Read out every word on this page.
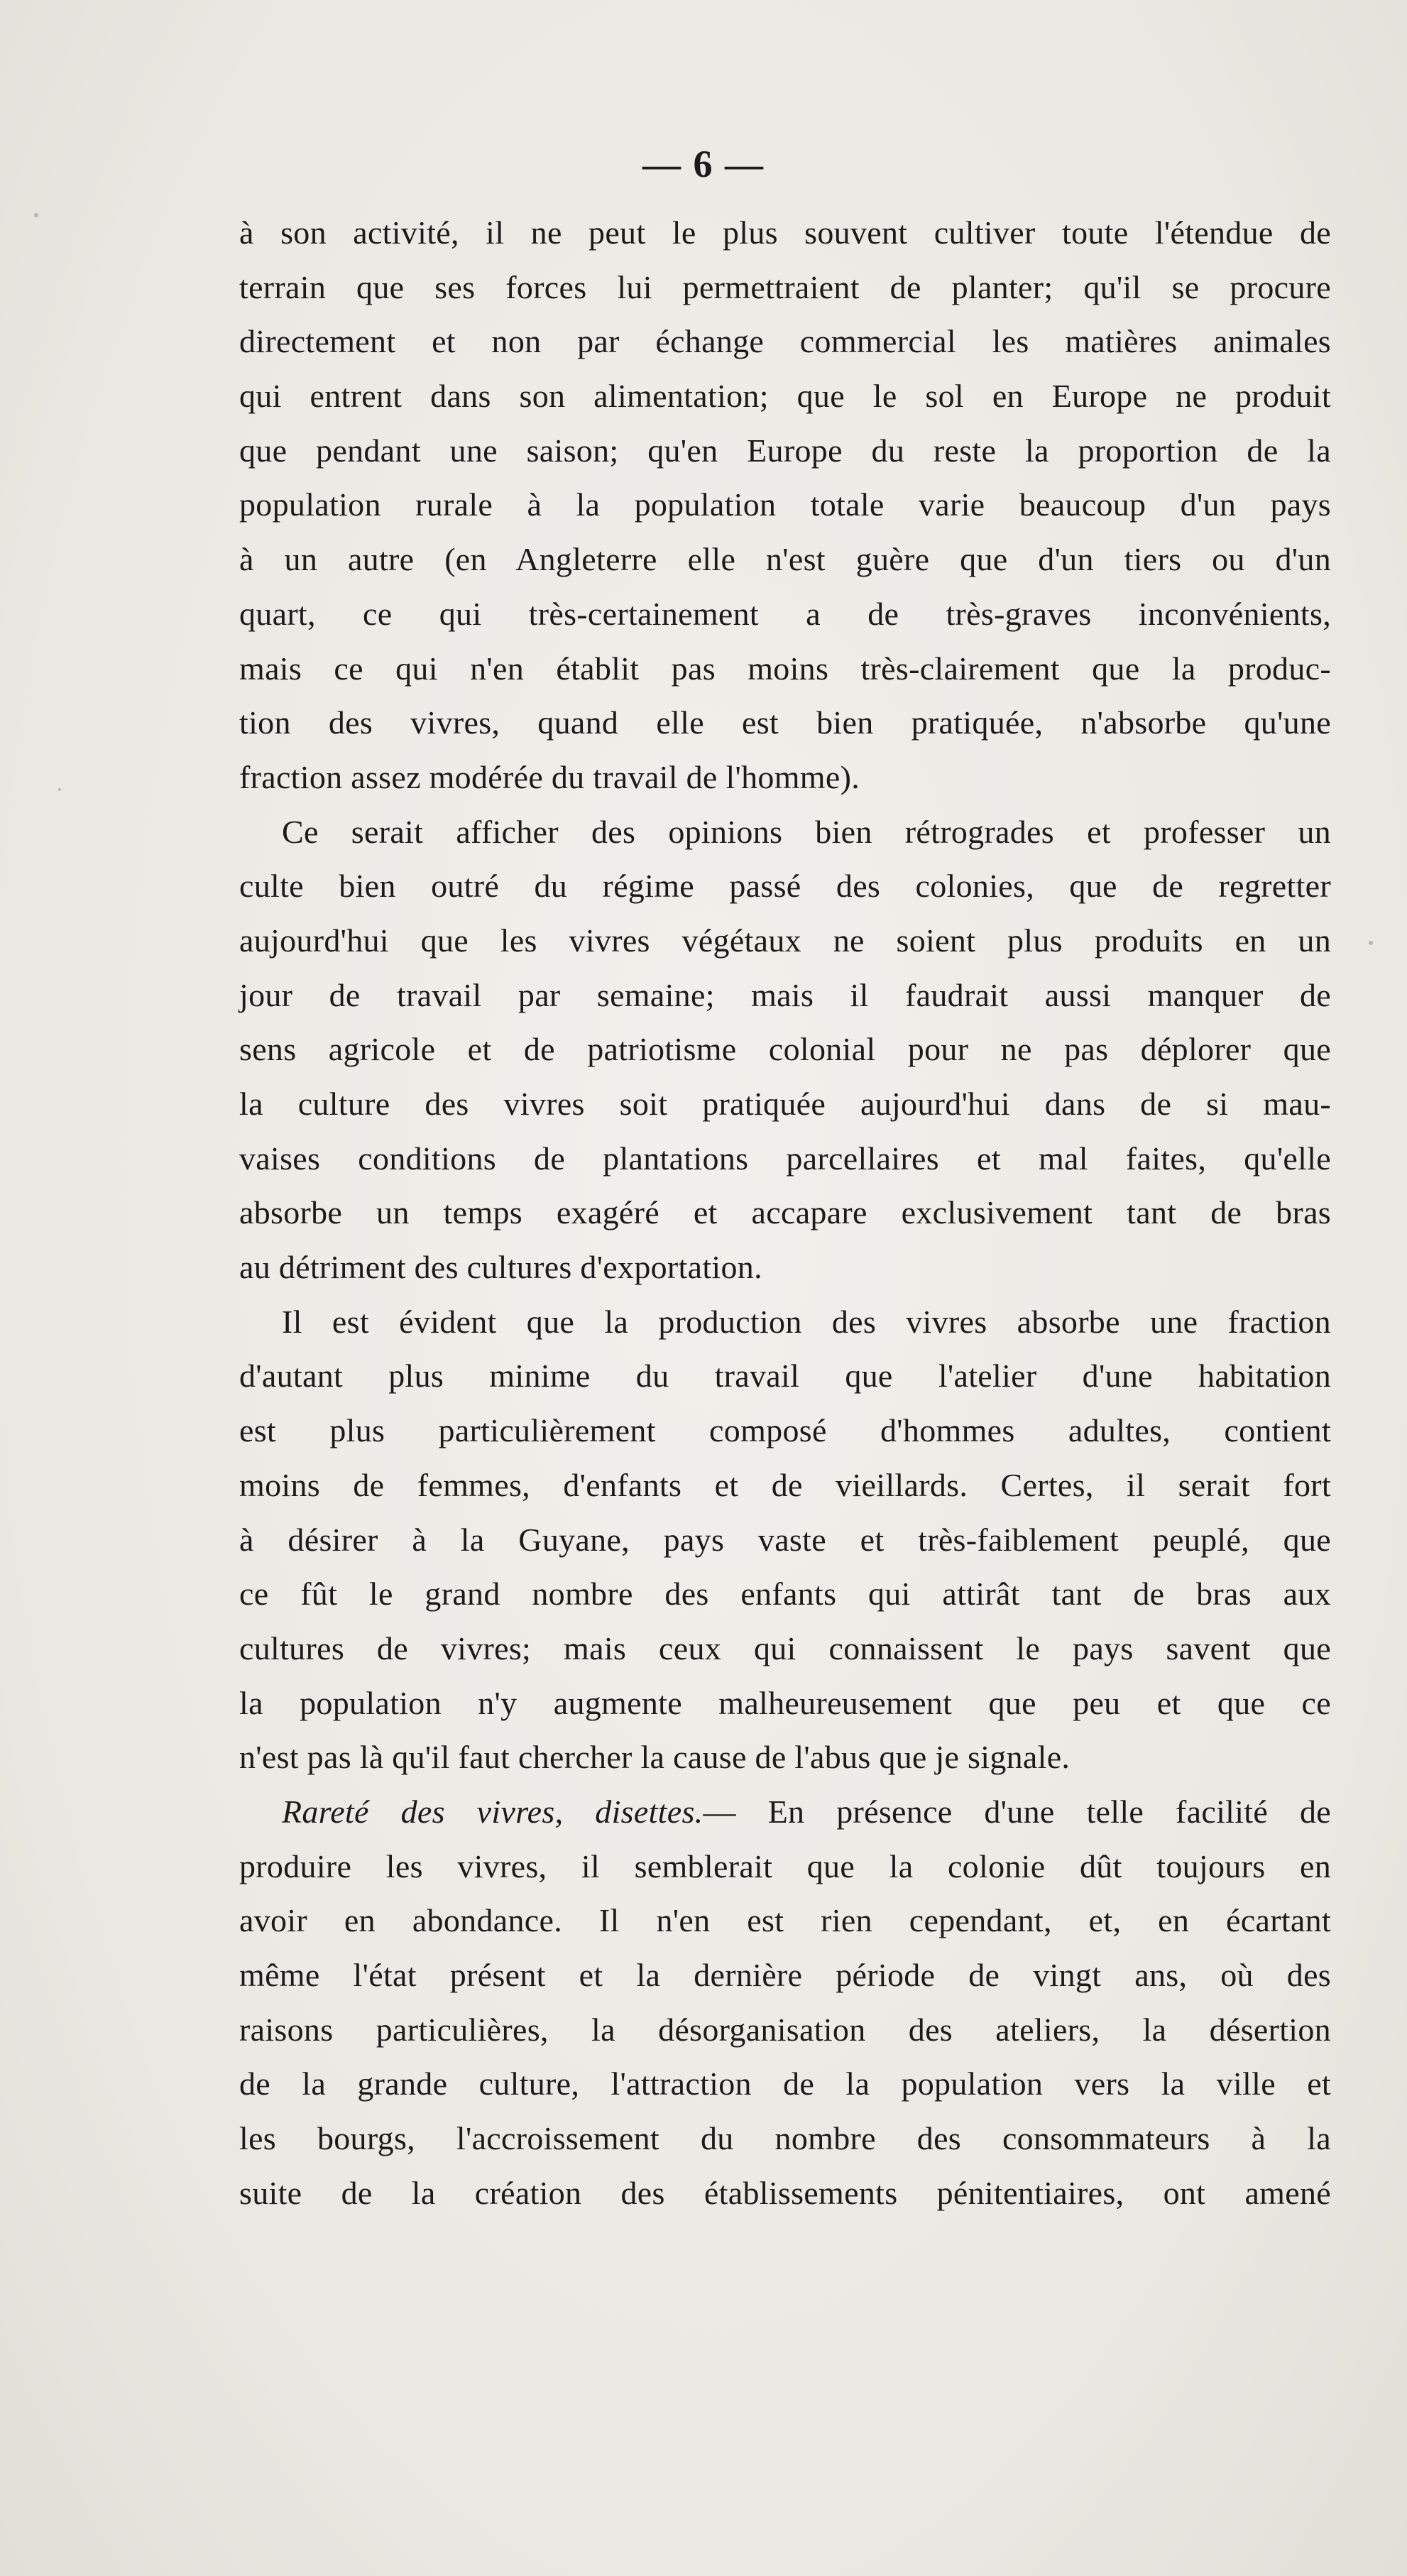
— 6 —
à son activité, il ne peut le plus souvent cultiver toute l'étendue de
terrain que ses forces lui permettraient de planter; qu'il se procure
directement et non par échange commercial les matières animales
qui entrent dans son alimentation; que le sol en Europe ne produit
que pendant une saison; qu'en Europe du reste la proportion de la
population rurale à la population totale varie beaucoup d'un pays
à un autre (en Angleterre elle n'est guère que d'un tiers ou d'un
quart, ce qui très-certainement a de très-graves inconvénients,
mais ce qui n'en établit pas moins très-clairement que la produc-
tion des vivres, quand elle est bien pratiquée, n'absorbe qu'une
fraction assez modérée du travail de l'homme).
Ce serait afficher des opinions bien rétrogrades et professer un
culte bien outré du régime passé des colonies, que de regretter
aujourd'hui que les vivres végétaux ne soient plus produits en un
jour de travail par semaine; mais il faudrait aussi manquer de
sens agricole et de patriotisme colonial pour ne pas déplorer que
la culture des vivres soit pratiquée aujourd'hui dans de si mau-
vaises conditions de plantations parcellaires et mal faites, qu'elle
absorbe un temps exagéré et accapare exclusivement tant de bras
au détriment des cultures d'exportation.
Il est évident que la production des vivres absorbe une fraction
d'autant plus minime du travail que l'atelier d'une habitation
est plus particulièrement composé d'hommes adultes, contient
moins de femmes, d'enfants et de vieillards. Certes, il serait fort
à désirer à la Guyane, pays vaste et très-faiblement peuplé, que
ce fût le grand nombre des enfants qui attirât tant de bras aux
cultures de vivres; mais ceux qui connaissent le pays savent que
la population n'y augmente malheureusement que peu et que ce
n'est pas là qu'il faut chercher la cause de l'abus que je signale.
Rareté des vivres, disettes.— En présence d'une telle facilité de
produire les vivres, il semblerait que la colonie dût toujours en
avoir en abondance. Il n'en est rien cependant, et, en écartant
même l'état présent et la dernière période de vingt ans, où des
raisons particulières, la désorganisation des ateliers, la désertion
de la grande culture, l'attraction de la population vers la ville et
les bourgs, l'accroissement du nombre des consommateurs à la
suite de la création des établissements pénitentiaires, ont amené
